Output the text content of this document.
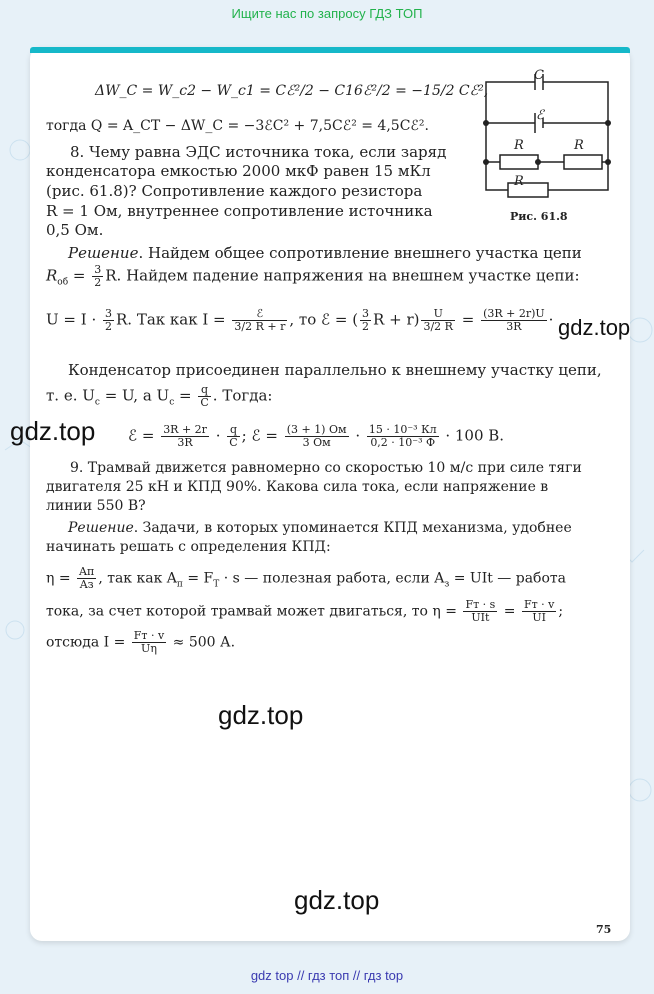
Ищите нас по запросу ГДЗ ТОП
C
ℰ
R	R
R
Рис. 61.8
ΔW_C = W_c2 − W_c1 = Cℰ²/2 − C16ℰ²/2 = −15/2 Cℰ²,
тогда Q = A_СТ − ΔW_C = −3ℰC² + 7,5Cℰ² = 4,5Cℰ².
8. Чему равна ЭДС источника тока, если заряд
конденсатора емкостью 2000 мкФ равен 15 мКл
(рис. 61.8)? Сопротивление каждого резистора
R = 1 Ом, внутреннее сопротивление источника
0,5 Ом.
Решение. Найдем общее сопротивление внешнего участка цепи
$R_{об} = \frac{3}{2} R$. Найдем падение напряжения на внешнем участке цепи:
$U = I \cdot \frac{3}{2} R$. Так как $I = \frac{\text{ℰ}}{3/2 R + r}$ , то ℰ = ( $\frac{3}{2}$ $R + r) \frac{U}{3/2 R} = \frac{(3R + 2r)U}{3R}$ ·
Конденсатор присоединен параллельно к внешнему участку цепи,
т. е. $U_с = U$, а $U_с = \frac{q}{C}$ . Тогда:
ℰ = $\frac{3R + 2r}{3R} \cdot \frac{q}{C}$ ; ℰ = $\frac{(3 + 1) Ом}{3 Ом} \cdot \frac{\text{15 · 10⁻³ Кл}}{\text{0,2 · 10⁻³ Ф}} \cdot 100$ В.
9. Трамвай движется равномерно со скоростью 10 м/с при силе тяги
двигателя 25 кН и КПД 90%. Какова сила тока, если напряжение в
линии 550 В?
Решение. Задачи, в которых упоминается КПД механизма, удобнее
начинать решать с определения КПД:
$\eta = \frac{Aп}{Aз}$ , так как $A_п = F_Т \cdot s$ — полезная работа, если $A_з$ = UIt — работа
тока, за счет которой трамвай может двигаться, то $\eta = \frac{Fт \cdot s}{\text{UIt}} = \frac{Fт \cdot v}{UI}$ ;
отсюда $I = \frac{Fт \cdot v}{U\eta} \approx 500$ А.
gdz.top
gdz.top
gdz.top
gdz.top
75
gdz top // гдз топ // гдз top
